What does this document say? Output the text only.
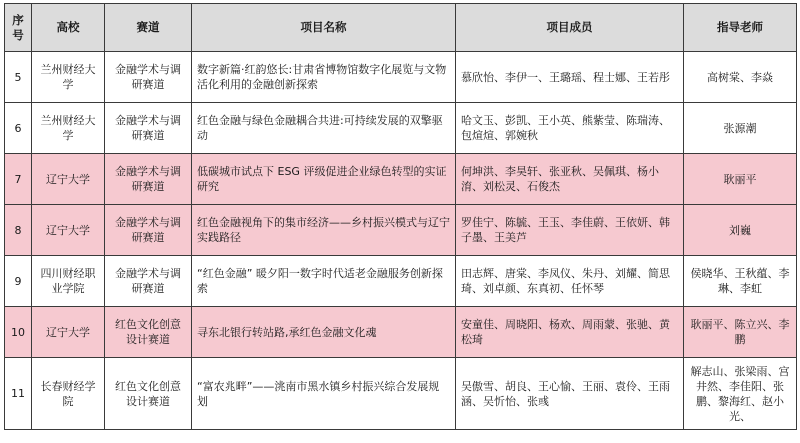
序号	高校	赛道	项目名称	项目成员	指导老师

5	兰州财经大学	金融学术与调研赛道	数字新篇·红韵悠长:甘肃省博物馆数字化展览与文物活化利用的金融创新探索	慕欣怡、李伊一、王璐瑶、程士娜、王若彤	高树棠、李焱

6	兰州财经大学	金融学术与调研赛道	红色金融与绿色金融耦合共进:可持续发展的双擎驱动	哈文玉、彭凯、王小英、熊紫莹、陈瑞涛、包煊煊、郭婉秋	张源潮

7	辽宁大学	金融学术与调研赛道	低碳城市试点下 ESG 评级促进企业绿色转型的实证研究	何坤洪、李昊轩、张亚秋、吴佩琪、杨小淯、刘松灵、石俊杰	耿丽平

8	辽宁大学	金融学术与调研赛道	红色金融视角下的集市经济——乡村振兴模式与辽宁实践路径	罗佳宁、陈毓、王玉、李佳蔚、王依妍、韩子墨、王美芦	刘巍

9	四川财经职业学院	金融学术与调研赛道	“红色金融” 暖夕阳一数字时代适老金融服务创新探索	田志辉、唐棠、李凤仪、朱丹、刘耀、简思琦、刘卓颜、东真初、任怀琴	侯晓华、王秋蕴、李琳、李虹

10	辽宁大学	红色文化创意设计赛道	寻东北银行转站路,承红色金融文化魂	安童佳、周晓阳、杨欢、周雨蒙、张驰、黄松琦	耿丽平、陈立兴、李鹏

11	长春财经学院	红色文化创意设计赛道	“富农兆畔”——洮南市黑水镇乡村振兴综合发展规划	吴傲雪、胡良、王心愉、王丽、袁伶、王雨涵、吴忻怡、张彧	解志山、张梁雨、宫井然、李佳阳、张鹏、黎海红、赵小光、
